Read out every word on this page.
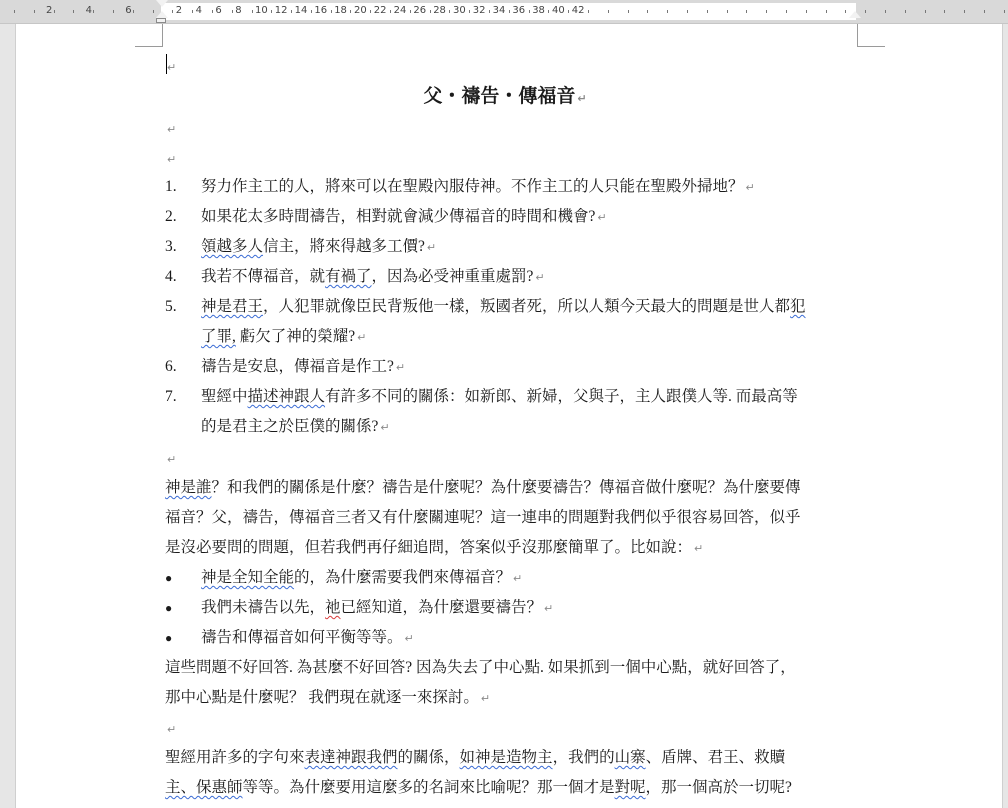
6
4
2	2 4 6 8 10 12 14 16 18 20 22 24 26 28 30 32 34 36 38 40 42
↵
父・禱告・傳福音 ↵
↵
↵
1. 努力作主工的人，將來可以在聖殿內服侍神。不作主工的人只能在聖殿外掃地？ ↵
2. 如果花太多時間禱告，相對就會減少傳福音的時間和機會? ↵
3. 領越多人信主，將來得越多工價? ↵
4. 我若不傳福音，就有禍了，因為必受神重重處罰? ↵
5. 神是君王，人犯罪就像臣民背叛他一樣，叛國者死，所以人類今天最大的問題是世人都犯
了罪, 虧欠了神的榮耀? ↵
6. 禱告是安息，傳福音是作工? ↵
7. 聖經中描述神跟人有許多不同的關係：如新郎、新婦，父與子，主人跟僕人等. 而最高等
的是君主之於臣僕的關係? ↵
↵
神是誰？和我們的關係是什麼？禱告是什麼呢？為什麼要禱告？傳福音做什麼呢？為什麼要傳
福音？父，禱告，傳福音三者又有什麼關連呢？這一連串的問題對我們似乎很容易回答，似乎
是沒必要問的問題，但若我們再仔細追問，答案似乎沒那麼簡單了。比如說： ↵
● 神是全知全能的，為什麼需要我們來傳福音？ ↵
● 我們未禱告以先，祂已經知道，為什麼還要禱告？ ↵
● 禱告和傳福音如何平衡等等。 ↵
這些問題不好回答. 為甚麼不好回答? 因為失去了中心點. 如果抓到一個中心點，就好回答了，
那中心點是什麼呢？ 我們現在就逐一來探討。 ↵
↵
聖經用許多的字句來表達神跟我們的關係，如神是造物主，我們的山寨、盾牌、君王、救贖
主、保惠師等等。為什麼要用這麼多的名詞來比喻呢？那一個才是對呢，那一個高於一切呢?
